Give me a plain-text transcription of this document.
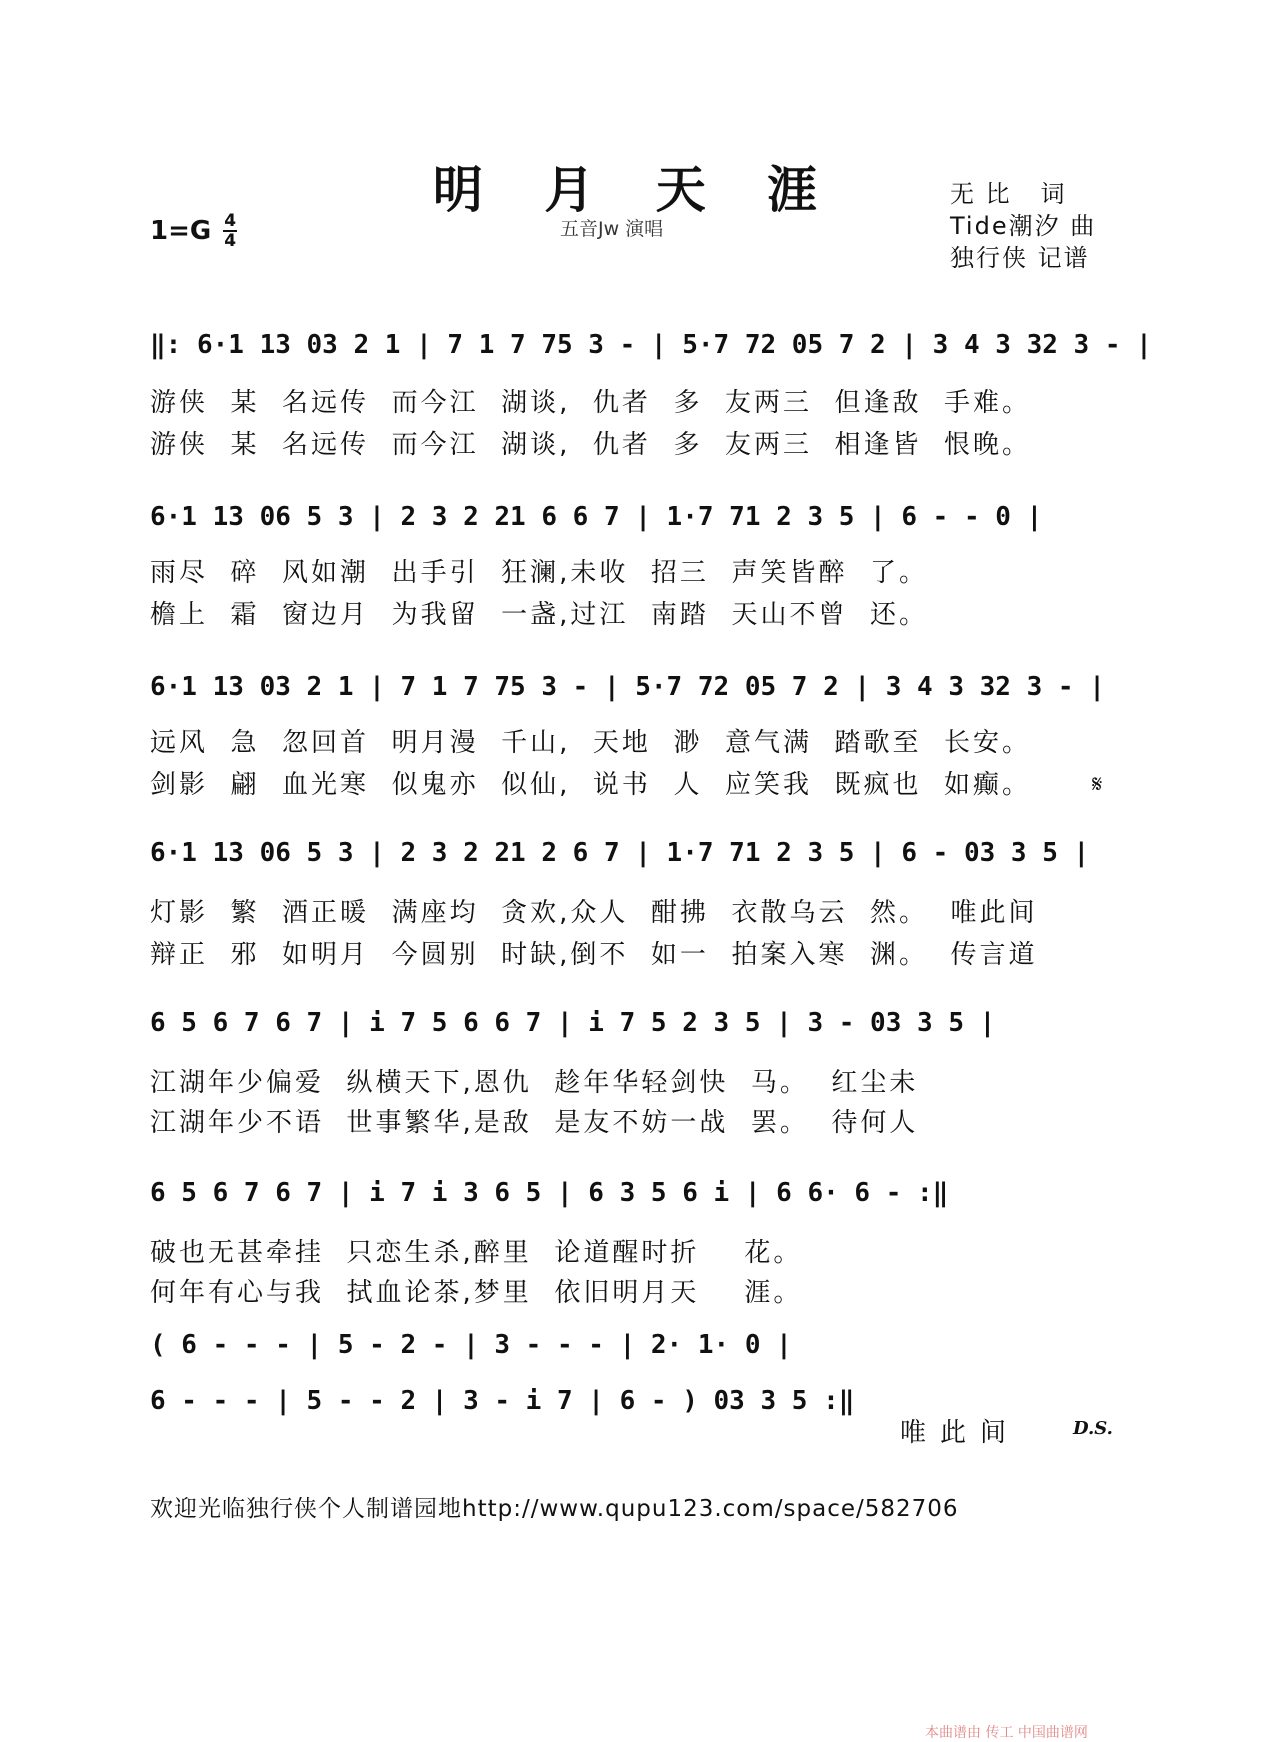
明 月 天 涯
$1=G \frac{4}{4}$	五音Jw 演唱
无 比   词
Tide潮汐 曲
独行侠 记谱
‖: 6·1 13 03 2 1 | 7 1 7 75 3 - | 5·7 72 05 7 2 | 3 4 3 32 3 - |
游侠  某  名远传  而今江  湖谈,  仇者  多  友两三  但逢敌  手难。
游侠  某  名远传  而今江  湖谈,  仇者  多  友两三  相逢皆  恨晚。
6·1 13 06 5 3 | 2 3 2 21 6 6 7 | 1·7 71 2 3 5 | 6 - - 0 |
雨尽  碎  风如潮  出手引  狂澜,未收  招三  声笑皆醉  了。
檐上  霜  窗边月  为我留  一盏,过江  南踏  天山不曾  还。
6·1 13 03 2 1 | 7 1 7 75 3 - | 5·7 72 05 7 2 | 3 4 3 32 3 - |
远风  急  忽回首  明月漫  千山,  天地  渺  意气满  踏歌至  长安。
剑影  翩  血光寒  似鬼亦  似仙,  说书  人  应笑我  既疯也  如癫。	𝄋
6·1 13 06 5 3 | 2 3 2 21 2 6 7 | 1·7 71 2 3 5 | 6 - 03 3 5 |
灯影  繁  酒正暖  满座均  贪欢,众人  酣拂  衣散乌云  然。  唯此间
辩正  邪  如明月  今圆别  时缺,倒不  如一  拍案入寒  渊。  传言道
6 5 6 7 6 7 | i 7 5 6 6 7 | i 7 5 2 3 5 | 3 - 03 3 5 |
江湖年少偏爱  纵横天下,恩仇  趁年华轻剑快  马。  红尘未
江湖年少不语  世事繁华,是敌  是友不妨一战  罢。  待何人
6 5 6 7 6 7 | i 7 i 3 6 5 | 6 3 5 6 i | 6 6· 6 - :‖
破也无甚牵挂  只恋生杀,醉里  论道醒时折    花。
何年有心与我  拭血论茶,梦里  依旧明月天    涯。
( 6 - - - | 5 - 2 - | 3 - - - | 2· 1· 0 |
6 - - - | 5 - - 2 | 3 - i 7 | 6 - ) 03 3 5 :‖
唯此间	D.S.
欢迎光临独行侠个人制谱园地http://www.qupu123.com/space/582706
本曲谱由 传工 中国曲谱网
